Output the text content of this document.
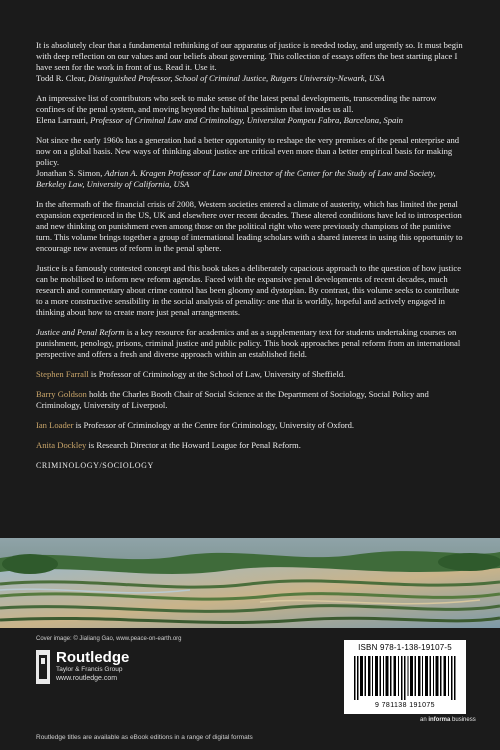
It is absolutely clear that a fundamental rethinking of our apparatus of justice is needed today, and urgently so. It must begin with deep reflection on our values and our beliefs about governing. This collection of essays offers the best starting place I have seen for the work in front of us. Read it. Use it.

Todd R. Clear, Distinguished Professor, School of Criminal Justice, Rutgers University-Newark, USA

An impressive list of contributors who seek to make sense of the latest penal developments, transcending the narrow confines of the penal system, and moving beyond the habitual pessimism that invades us all.

Elena Larrauri, Professor of Criminal Law and Criminology, Universitat Pompeu Fabra, Barcelona, Spain

Not since the early 1960s has a generation had a better opportunity to reshape the very premises of the penal enterprise and now on a global basis. New ways of thinking about justice are critical even more than a better empirical basis for making policy.

Jonathan S. Simon, Adrian A. Kragen Professor of Law and Director of the Center for the Study of Law and Society, Berkeley Law, University of California, USA

In the aftermath of the financial crisis of 2008, Western societies entered a climate of austerity, which has limited the penal expansion experienced in the US, UK and elsewhere over recent decades. These altered conditions have led to introspection and new thinking on punishment even among those on the political right who were previously champions of the punitive turn. This volume brings together a group of international leading scholars with a shared interest in using this opportunity to encourage new avenues of reform in the penal sphere.

Justice is a famously contested concept and this book takes a deliberately capacious approach to the question of how justice can be mobilised to inform new reform agendas. Faced with the expansive penal developments of recent decades, much research and commentary about crime control has been gloomy and dystopian. By contrast, this volume seeks to contribute to a more constructive sensibility in the social analysis of penality: one that is worldly, hopeful and actively engaged in thinking about how to create more just penal arrangements.

Justice and Penal Reform is a key resource for academics and as a supplementary text for students undertaking courses on punishment, penology, prisons, criminal justice and public policy. This book approaches penal reform from an international perspective and offers a fresh and diverse approach within an established field.

Stephen Farrall is Professor of Criminology at the School of Law, University of Sheffield.

Barry Goldson holds the Charles Booth Chair of Social Science at the Department of Sociology, Social Policy and Criminology, University of Liverpool.

Ian Loader is Professor of Criminology at the Centre for Criminology, University of Oxford.

Anita Dockley is Research Director at the Howard League for Penal Reform.

CRIMINOLOGY/SOCIOLOGY
Cover image: © Jialiang Gao, www.peace-on-earth.org
Routledge
Taylor & Francis Group
www.routledge.com
ISBN 978-1-138-19107-5
9 781138 191075
an informa business
Routledge titles are available as eBook editions in a range of digital formats
